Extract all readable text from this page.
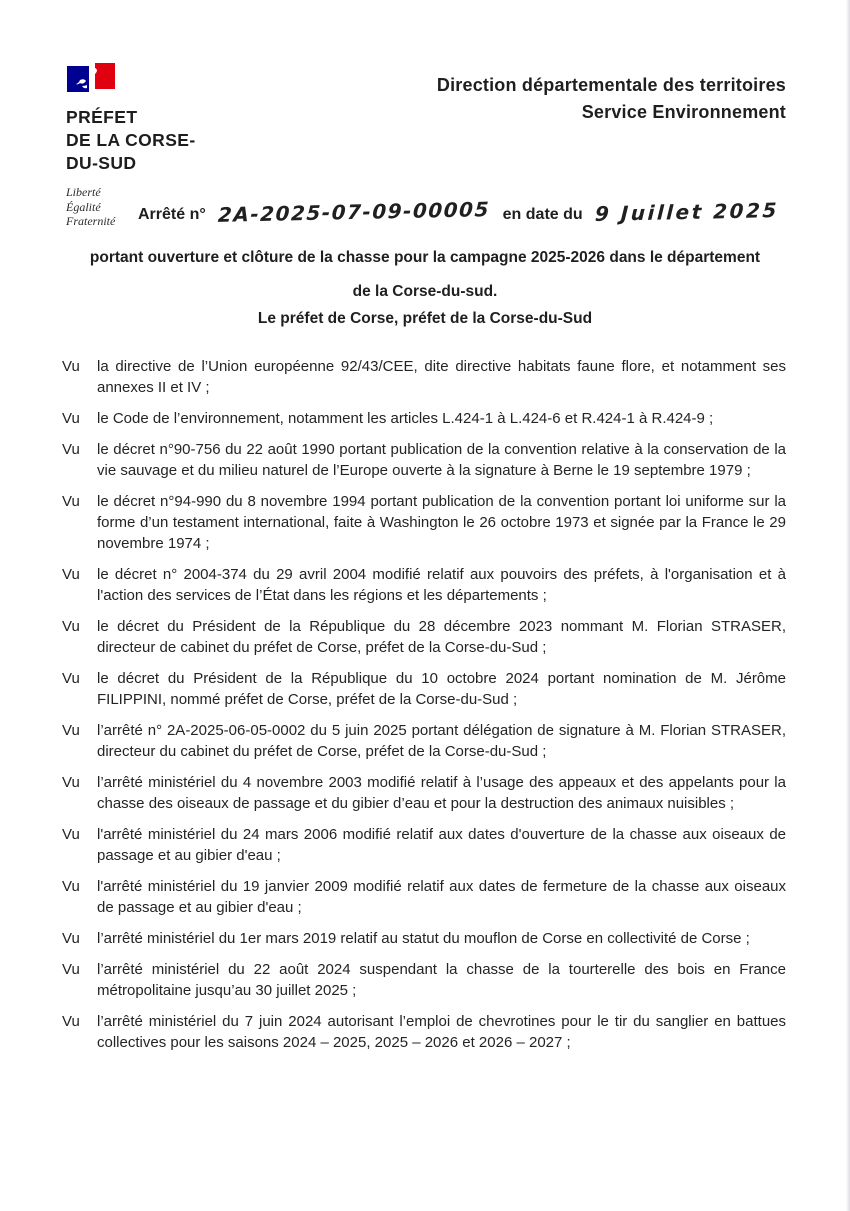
PRÉFET
DE LA CORSE-
DU-SUD
Liberté
Égalité
Fraternité
Direction départementale des territoires
Service Environnement
Arrêté n° 2A-2025-07-09-00005 en date du 9 Juillet 2025
portant ouverture et clôture de la chasse pour la campagne 2025-2026 dans le département
de la Corse-du-sud.
Le préfet de Corse, préfet de la Corse-du-Sud
Vu	la directive de l’Union européenne 92/43/CEE, dite directive habitats faune flore, et notamment ses annexes II et IV ;

Vu	le Code de l’environnement, notamment les articles L.424-1 à L.424-6 et R.424-1 à R.424-9 ;

Vu	le décret n°90-756 du 22 août 1990 portant publication de la convention relative à la conservation de la vie sauvage et du milieu naturel de l’Europe ouverte à la signature à Berne le 19 septembre 1979 ;

Vu	le décret n°94-990 du 8 novembre 1994 portant publication de la convention portant loi uniforme sur la forme d’un testament international, faite à Washington le 26 octobre 1973 et signée par la France le 29 novembre 1974 ;

Vu	le décret n° 2004-374 du 29 avril 2004 modifié relatif aux pouvoirs des préfets, à l'organisation et à l'action des services de l’État dans les régions et les départements ;

Vu	le décret du Président de la République du 28 décembre 2023 nommant M. Florian STRASER, directeur de cabinet du préfet de Corse, préfet de la Corse-du-Sud ;

Vu	le décret du Président de la République du 10 octobre 2024 portant nomination de M. Jérôme FILIPPINI, nommé préfet de Corse, préfet de la Corse-du-Sud ;

Vu	l’arrêté n° 2A-2025-06-05-0002 du 5 juin 2025 portant délégation de signature à M. Florian STRASER, directeur du cabinet du préfet de Corse, préfet de la Corse-du-Sud ;

Vu	l’arrêté ministériel du 4 novembre 2003 modifié relatif à l’usage des appeaux et des appelants pour la chasse des oiseaux de passage et du gibier d’eau et pour la destruction des animaux nuisibles ;

Vu	l'arrêté ministériel du 24 mars 2006 modifié relatif aux dates d'ouverture de la chasse aux oiseaux de passage et au gibier d'eau ;

Vu	l'arrêté ministériel du 19 janvier 2009 modifié relatif aux dates de fermeture de la chasse aux oiseaux de passage et au gibier d'eau ;

Vu	l’arrêté ministériel du 1er mars 2019 relatif au statut du mouflon de Corse en collectivité de Corse ;

Vu	l’arrêté ministériel du 22 août 2024 suspendant la chasse de la tourterelle des bois en France métropolitaine jusqu’au 30 juillet 2025 ;

Vu	l’arrêté ministériel du 7 juin 2024 autorisant l’emploi de chevrotines pour le tir du sanglier en battues collectives pour les saisons 2024 – 2025, 2025 – 2026 et 2026 – 2027 ;
